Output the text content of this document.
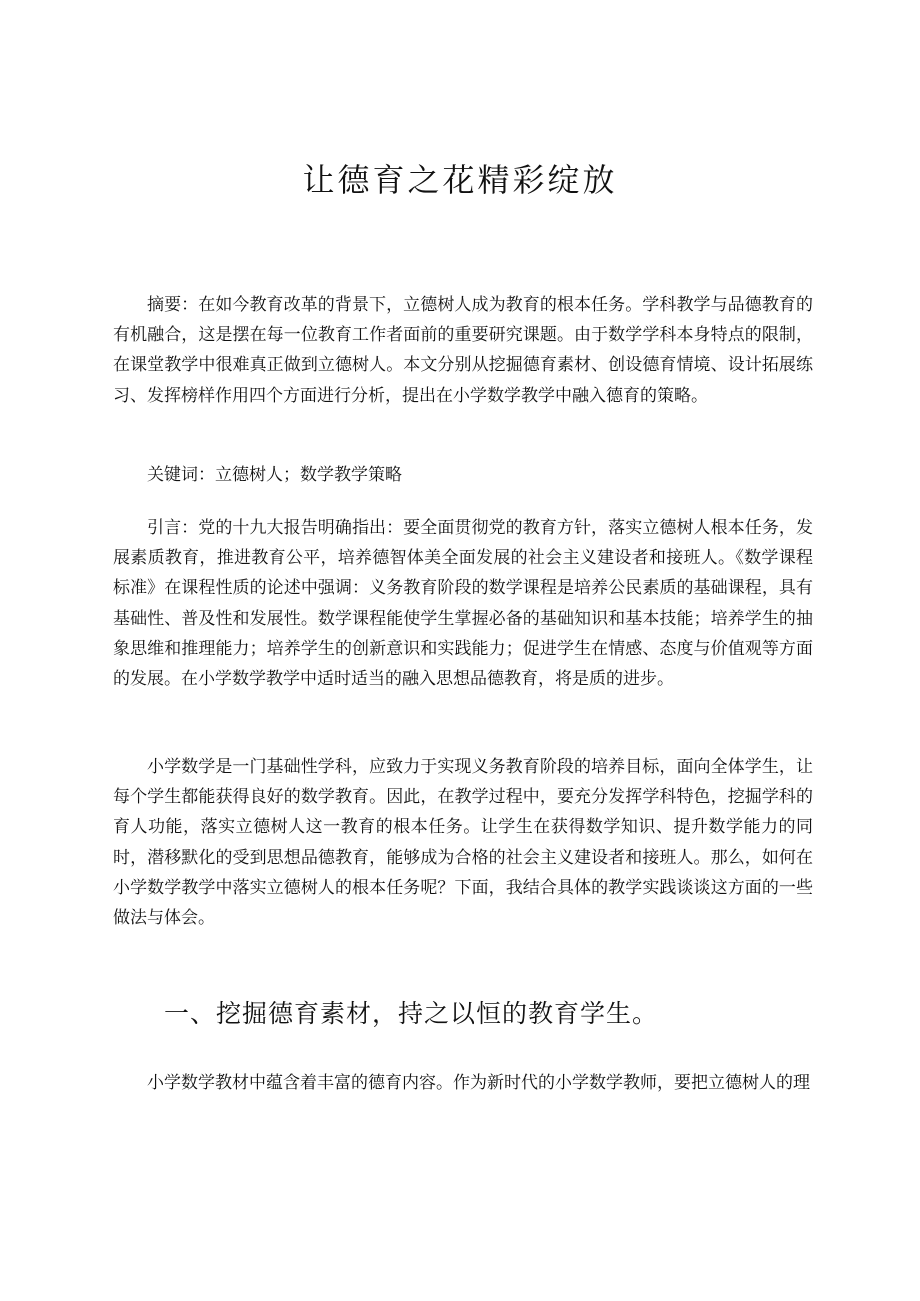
让德育之花精彩绽放

摘要：在如今教育改革的背景下，立德树人成为教育的根本任务。学科教学与品德教育的有机融合，这是摆在每一位教育工作者面前的重要研究课题。由于数学学科本身特点的限制，在课堂教学中很难真正做到立德树人。本文分别从挖掘德育素材、创设德育情境、设计拓展练习、发挥榜样作用四个方面进行分析，提出在小学数学教学中融入德育的策略。

关键词：立德树人；数学教学策略

引言：党的十九大报告明确指出：要全面贯彻党的教育方针，落实立德树人根本任务，发展素质教育，推进教育公平，培养德智体美全面发展的社会主义建设者和接班人。《数学课程标准》在课程性质的论述中强调：义务教育阶段的数学课程是培养公民素质的基础课程，具有基础性、普及性和发展性。数学课程能使学生掌握必备的基础知识和基本技能；培养学生的抽象思维和推理能力；培养学生的创新意识和实践能力；促进学生在情感、态度与价值观等方面的发展。在小学数学教学中适时适当的融入思想品德教育，将是质的进步。

小学数学是一门基础性学科，应致力于实现义务教育阶段的培养目标，面向全体学生，让每个学生都能获得良好的数学教育。因此，在教学过程中，要充分发挥学科特色，挖掘学科的育人功能，落实立德树人这一教育的根本任务。让学生在获得数学知识、提升数学能力的同时，潜移默化的受到思想品德教育，能够成为合格的社会主义建设者和接班人。那么，如何在小学数学教学中落实立德树人的根本任务呢？下面，我结合具体的教学实践谈谈这方面的一些做法与体会。

一、挖掘德育素材，持之以恒的教育学生。

小学数学教材中蕴含着丰富的德育内容。作为新时代的小学数学教师，要把立德树人的理
